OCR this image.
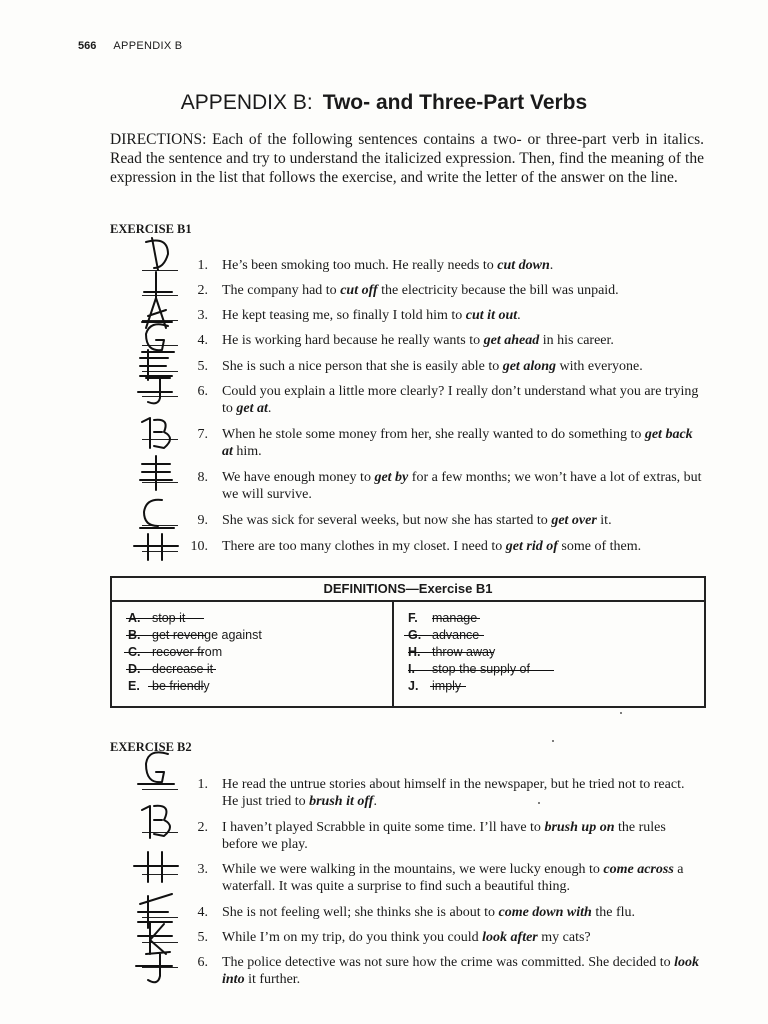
566 APPENDIX B
APPENDIX B: Two- and Three-Part Verbs
DIRECTIONS: Each of the following sentences contains a two- or three-part verb in italics. Read the sentence and try to understand the italicized expression. Then, find the meaning of the expression in the list that follows the exercise, and write the letter of the answer on the line.
EXERCISE B1
1. He’s been smoking too much. He really needs to cut down.
2. The company had to cut off the electricity because the bill was unpaid.
3. He kept teasing me, so finally I told him to cut it out.
4. He is working hard because he really wants to get ahead in his career.
5. She is such a nice person that she is easily able to get along with everyone.
6. Could you explain a little more clearly? I really don’t understand what you are trying to get at.
7. When he stole some money from her, she really wanted to do something to get back at him.
8. We have enough money to get by for a few months; we won’t have a lot of extras, but we will survive.
9. She was sick for several weeks, but now she has started to get over it.
10. There are too many clothes in my closet. I need to get rid of some of them.
DEFINITIONS—Exercise B1
A. stop it
B. get revenge against
C. recover from
D. decrease it
E. be friendly
F. manage
G. advance
H. throw away
I. stop the supply of
J. imply
EXERCISE B2
1. He read the untrue stories about himself in the newspaper, but he tried not to react. He just tried to brush it off.
2. I haven’t played Scrabble in quite some time. I’ll have to brush up on the rules before we play.
3. While we were walking in the mountains, we were lucky enough to come across a waterfall. It was quite a surprise to find such a beautiful thing.
4. She is not feeling well; she thinks she is about to come down with the flu.
5. While I’m on my trip, do you think you could look after my cats?
6. The police detective was not sure how the crime was committed. She decided to look into it further.
